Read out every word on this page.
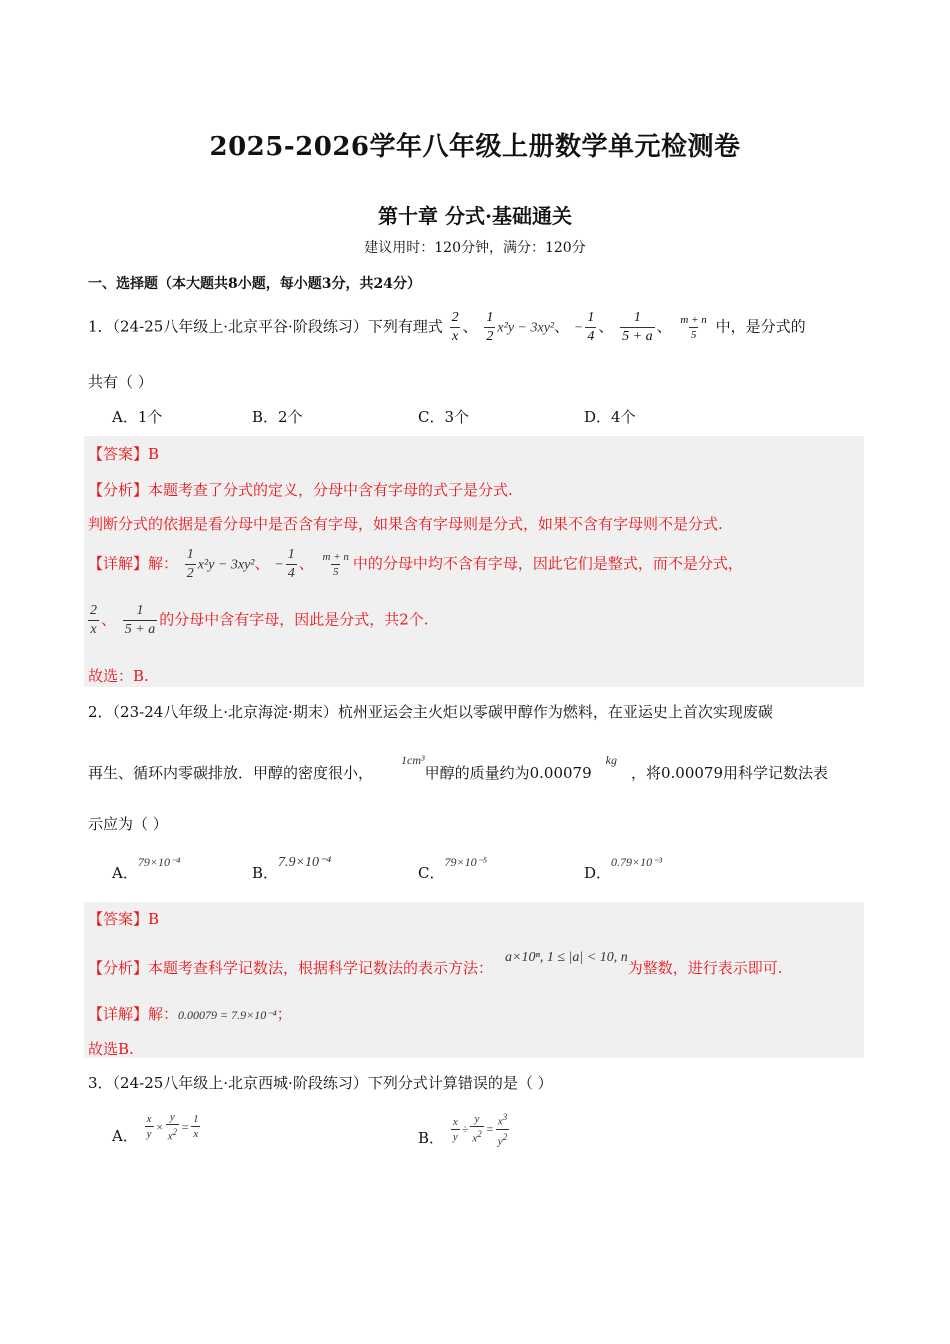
2025-2026学年八年级上册数学单元检测卷
第十章 分式·基础通关
建议用时：120分钟，满分：120分
一、选择题（本大题共8小题，每小题3分，共24分）
1．（24-25八年级上·北京平谷·阶段练习）下列有理式 $\frac{2}{x}$ 、 $\frac{1}{2} x^2y - 3xy^2$、 − $\frac{1}{4}$ 、 $\frac{1}{5 + a}$ 、 $\frac{m + n}{5}$ 中，是分式的
共有（ ）
A．1个	B．2个	C．3个	D．4个
【答案】B
【分析】本题考查了分式的定义，分母中含有字母的式子是分式.
判断分式的依据是看分母中是否含有字母，如果含有字母则是分式，如果不含有字母则不是分式.
【详解】解： $\frac{1}{2} x^2y - 3xy^2$、 − $\frac{1}{4}$ 、 $\frac{m + n}{5}$ 中的分母中均不含有字母，因此它们是整式，而不是分式，
$\frac{2}{x}$ 、 $\frac{1}{5 + a}$ 的分母中含有字母，因此是分式，共2个.
故选：B.
2．（23-24八年级上·北京海淀·期末）杭州亚运会主火炬以零碳甲醇作为燃料，在亚运史上首次实现废碳
再生、循环内零碳排放．甲醇的密度很小，$^{1cm^3}$甲醇的质量约为$0.00079^{kg}$，将0.00079用科学记数法表
示应为（ ）
A．$^{79\times 10^{-4}}$
B．7.9×10⁻⁴
C．$^{79\times 10^{-5}}$
D．$^{0.79\times 10^{-3}}$
【答案】B
【分析】本题考查科学记数法，根据科学记数法的表示方法：a×10ⁿ, 1 ≤ |a| < 10, n为整数，进行表示即可.
【详解】解：0.00079 = 7.9×10⁻⁴；
故选B.
3．（24-25八年级上·北京西城·阶段练习）下列分式计算错误的是（ ）
A． $\frac{x}{y} \times \frac{y}{x^2} = \frac{1}{x}$	B． $\frac{x}{y} \div \frac{y}{x^2} = \frac{x^3}{y^2}$
